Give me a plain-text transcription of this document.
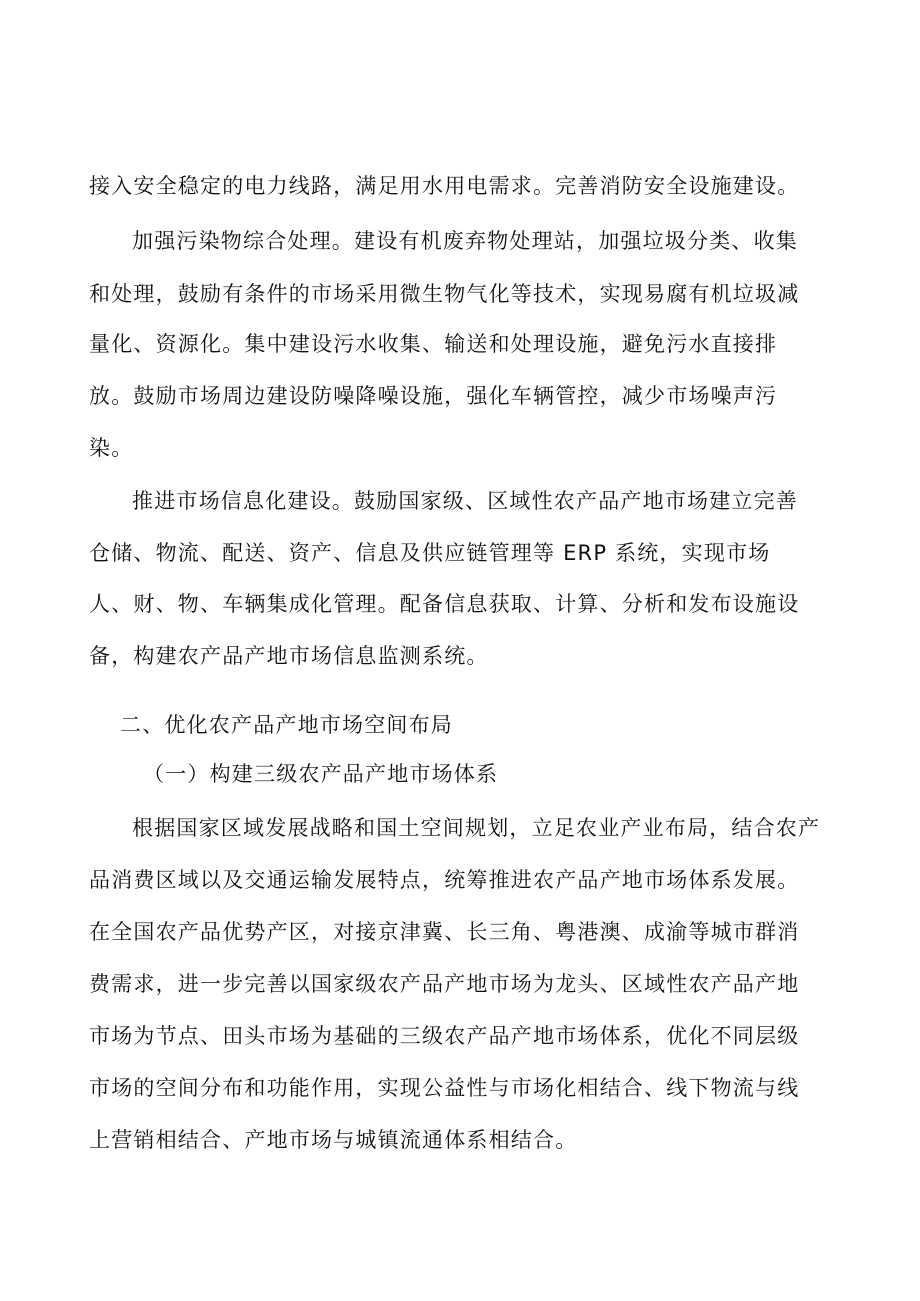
接入安全稳定的电力线路，满足用水用电需求。完善消防安全设施建设。
加强污染物综合处理。建设有机废弃物处理站，加强垃圾分类、收集
和处理，鼓励有条件的市场采用微生物气化等技术，实现易腐有机垃圾减
量化、资源化。集中建设污水收集、输送和处理设施，避免污水直接排
放。鼓励市场周边建设防噪降噪设施，强化车辆管控，减少市场噪声污
染。
推进市场信息化建设。鼓励国家级、区域性农产品产地市场建立完善
仓储、物流、配送、资产、信息及供应链管理等 ERP 系统，实现市场
人、财、物、车辆集成化管理。配备信息获取、计算、分析和发布设施设
备，构建农产品产地市场信息监测系统。
二、优化农产品产地市场空间布局
（一）构建三级农产品产地市场体系
根据国家区域发展战略和国土空间规划，立足农业产业布局，结合农产
品消费区域以及交通运输发展特点，统筹推进农产品产地市场体系发展。
在全国农产品优势产区，对接京津冀、长三角、粤港澳、成渝等城市群消
费需求，进一步完善以国家级农产品产地市场为龙头、区域性农产品产地
市场为节点、田头市场为基础的三级农产品产地市场体系，优化不同层级
市场的空间分布和功能作用，实现公益性与市场化相结合、线下物流与线
上营销相结合、产地市场与城镇流通体系相结合。
